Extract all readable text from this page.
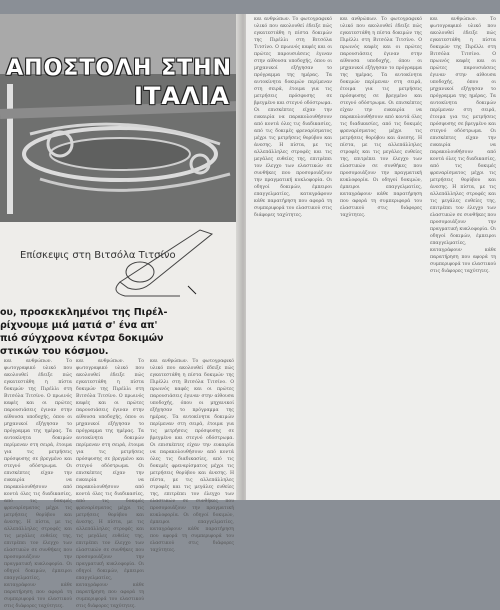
ΑΠΟΣΤΟΛΗ ΣΤΗΝ
ΙΤΑΛΙΑ
Επίσκεψις στη Βιτσόλα Τιτσίνο
ου, προσκεκλημένοι της Πιρέλ-
ρίχνουμε μιά ματιά σ' ένα απ'
πιό σύγχρονα κέντρα δοκιμών
στικών του κόσμου.

και ανθρώπων. Το φωτογραφικό υλικό που ακολουθεί έδειξε πώς εγκατεστάθη η πίστα δοκιμών της Πιρέλλι στη Βιτσόλα Τιτσίνο. Ο πρωινός καφές και οι πρώτες παρουσιάσεις έγιναν στην αίθουσα υποδοχής, όπου οι μηχανικοί εξήγησαν το πρόγραμμα της ημέρας. Τα αυτοκίνητα δοκιμών περίμεναν στη σειρά, έτοιμα για τις μετρήσεις πρόσφυσης σε βρεγμένο και στεγνό οδόστρωμα. Οι επισκέπτες είχαν την ευκαιρία να παρακολουθήσουν από κοντά όλες τις διαδικασίες, από τις δοκιμές φρεναρίσματος μέχρι τις μετρήσεις θορύβου και άνεσης. Η πίστα, με τις αλλεπάλληλες στροφές και τις μεγάλες ευθείες της, επιτρέπει τον έλεγχο των ελαστικών σε συνθήκες που προσομοιάζουν την πραγματική κυκλοφορία. Οι οδηγοί δοκιμών, έμπειροι επαγγελματίες, καταγράφουν κάθε παρατήρηση που αφορά τη συμπεριφορά του ελαστικού στις διάφορες ταχύτητες.

και ανθρώπων. Το φωτογραφικό υλικό που ακολουθεί έδειξε πώς εγκατεστάθη η πίστα δοκιμών της Πιρέλλι στη Βιτσόλα Τιτσίνο. Ο πρωινός καφές και οι πρώτες παρουσιάσεις έγιναν στην αίθουσα υποδοχής, όπου οι μηχανικοί εξήγησαν το πρόγραμμα της ημέρας. Τα αυτοκίνητα δοκιμών περίμεναν στη σειρά, έτοιμα για τις μετρήσεις πρόσφυσης σε βρεγμένο και στεγνό οδόστρωμα. Οι επισκέπτες είχαν την ευκαιρία να παρακολουθήσουν από κοντά όλες τις διαδικασίες, από τις δοκιμές φρεναρίσματος μέχρι τις μετρήσεις θορύβου και άνεσης. Η πίστα, με τις αλλεπάλληλες στροφές και τις μεγάλες ευθείες της, επιτρέπει τον έλεγχο των ελαστικών σε συνθήκες που προσομοιάζουν την πραγματική κυκλοφορία. Οι οδηγοί δοκιμών, έμπειροι επαγγελματίες, καταγράφουν κάθε παρατήρηση που αφορά τη συμπεριφορά του ελαστικού στις διάφορες ταχύτητες.

και ανθρώπων. Το φωτογραφικό υλικό που ακολουθεί έδειξε πώς εγκατεστάθη η πίστα δοκιμών της Πιρέλλι στη Βιτσόλα Τιτσίνο. Ο πρωινός καφές και οι πρώτες παρουσιάσεις έγιναν στην αίθουσα υποδοχής, όπου οι μηχανικοί εξήγησαν το πρόγραμμα της ημέρας. Τα αυτοκίνητα δοκιμών περίμεναν στη σειρά, έτοιμα για τις μετρήσεις πρόσφυσης σε βρεγμένο και στεγνό οδόστρωμα. Οι επισκέπτες είχαν την ευκαιρία να παρακολουθήσουν από κοντά όλες τις διαδικασίες, από τις δοκιμές φρεναρίσματος μέχρι τις μετρήσεις θορύβου και άνεσης. Η πίστα, με τις αλλεπάλληλες στροφές και τις μεγάλες ευθείες της, επιτρέπει τον έλεγχο των ελαστικών σε συνθήκες που προσομοιάζουν την πραγματική κυκλοφορία. Οι οδηγοί δοκιμών, έμπειροι επαγγελματίες, καταγράφουν κάθε παρατήρηση που αφορά τη συμπεριφορά του ελαστικού στις διάφορες ταχύτητες.

και ανθρώπων. Το φωτογραφικό υλικό που ακολουθεί έδειξε πώς εγκατεστάθη η πίστα δοκιμών της Πιρέλλι στη Βιτσόλα Τιτσίνο. Ο πρωινός καφές και οι πρώτες παρουσιάσεις έγιναν στην αίθουσα υποδοχής, όπου οι μηχανικοί εξήγησαν το πρόγραμμα της ημέρας. Τα αυτοκίνητα δοκιμών περίμεναν στη σειρά, έτοιμα για τις μετρήσεις πρόσφυσης σε βρεγμένο και στεγνό οδόστρωμα. Οι επισκέπτες είχαν την ευκαιρία να παρακολουθήσουν από κοντά όλες τις διαδικασίες, από τις δοκιμές φρεναρίσματος μέχρι τις μετρήσεις θορύβου και άνεσης. Η πίστα, με τις αλλεπάλληλες στροφές και τις μεγάλες ευθείες της, επιτρέπει τον έλεγχο των ελαστικών σε συνθήκες που προσομοιάζουν την πραγματική κυκλοφορία. Οι οδηγοί δοκιμών, έμπειροι επαγγελματίες, καταγράφουν κάθε παρατήρηση που αφορά τη συμπεριφορά του ελαστικού στις διάφορες ταχύτητες.

και ανθρώπων. Το φωτογραφικό υλικό που ακολουθεί έδειξε πώς εγκατεστάθη η πίστα δοκιμών της Πιρέλλι στη Βιτσόλα Τιτσίνο. Ο πρωινός καφές και οι πρώτες παρουσιάσεις έγιναν στην αίθουσα υποδοχής, όπου οι μηχανικοί εξήγησαν το πρόγραμμα της ημέρας. Τα αυτοκίνητα δοκιμών περίμεναν στη σειρά, έτοιμα για τις μετρήσεις πρόσφυσης σε βρεγμένο και στεγνό οδόστρωμα. Οι επισκέπτες είχαν την ευκαιρία να παρακολουθήσουν από κοντά όλες τις διαδικασίες, από τις δοκιμές φρεναρίσματος μέχρι τις μετρήσεις θορύβου και άνεσης. Η πίστα, με τις αλλεπάλληλες στροφές και τις μεγάλες ευθείες της, επιτρέπει τον έλεγχο των ελαστικών σε συνθήκες που προσομοιάζουν την πραγματική κυκλοφορία. Οι οδηγοί δοκιμών, έμπειροι επαγγελματίες, καταγράφουν κάθε παρατήρηση που αφορά τη συμπεριφορά του ελαστικού στις διάφορες ταχύτητες.

και ανθρώπων. Το φωτογραφικό υλικό που ακολουθεί έδειξε πώς εγκατεστάθη η πίστα δοκιμών της Πιρέλλι στη Βιτσόλα Τιτσίνο. Ο πρωινός καφές και οι πρώτες παρουσιάσεις έγιναν στην αίθουσα υποδοχής, όπου οι μηχανικοί εξήγησαν το πρόγραμμα της ημέρας. Τα αυτοκίνητα δοκιμών περίμεναν στη σειρά, έτοιμα για τις μετρήσεις πρόσφυσης σε βρεγμένο και στεγνό οδόστρωμα. Οι επισκέπτες είχαν την ευκαιρία να παρακολουθήσουν από κοντά όλες τις διαδικασίες, από τις δοκιμές φρεναρίσματος μέχρι τις μετρήσεις θορύβου και άνεσης. Η πίστα, με τις αλλεπάλληλες στροφές και τις μεγάλες ευθείες της, επιτρέπει τον έλεγχο των ελαστικών σε συνθήκες που προσομοιάζουν την πραγματική κυκλοφορία. Οι οδηγοί δοκιμών, έμπειροι επαγγελματίες, καταγράφουν κάθε παρατήρηση που αφορά τη συμπεριφορά του ελαστικού στις διάφορες ταχύτητες.
